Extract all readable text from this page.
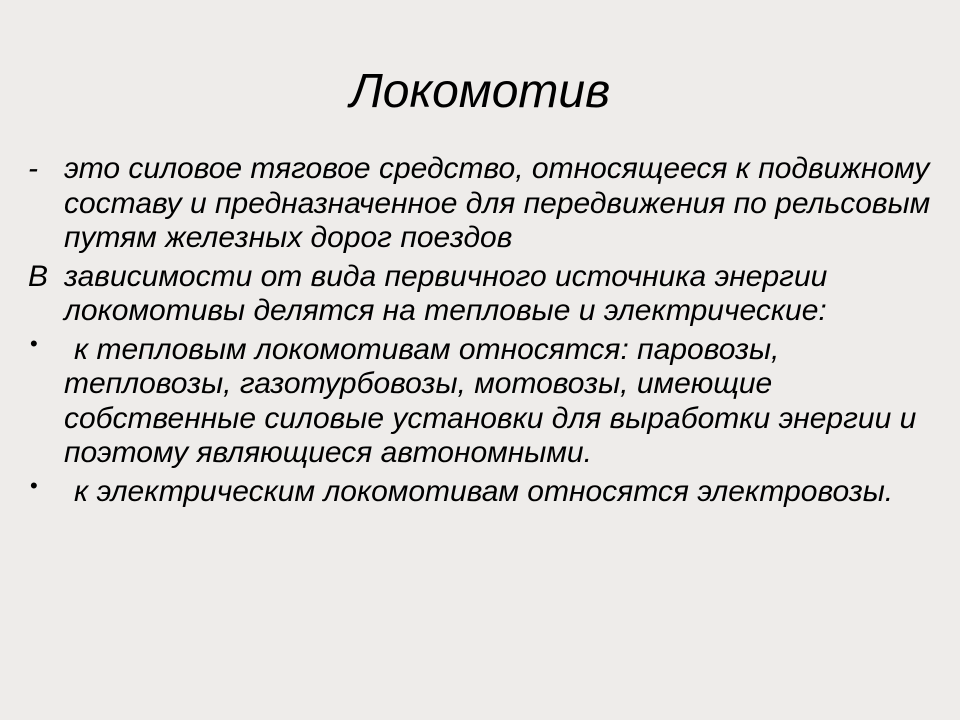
Локомотив

- это силовое тяговое средство, относящееся к подвижному составу и предназначенное для передвижения по рельсовым путям железных дорог поездов

В зависимости от вида первичного источника энергии локомотивы делятся на тепловые и электрические:

• к тепловым локомотивам относятся: паровозы, тепловозы, газотурбовозы, мотовозы, имеющие собственные силовые установки для выработки энергии и поэтому являющиеся автономными.

• к электрическим локомотивам относятся электровозы.
